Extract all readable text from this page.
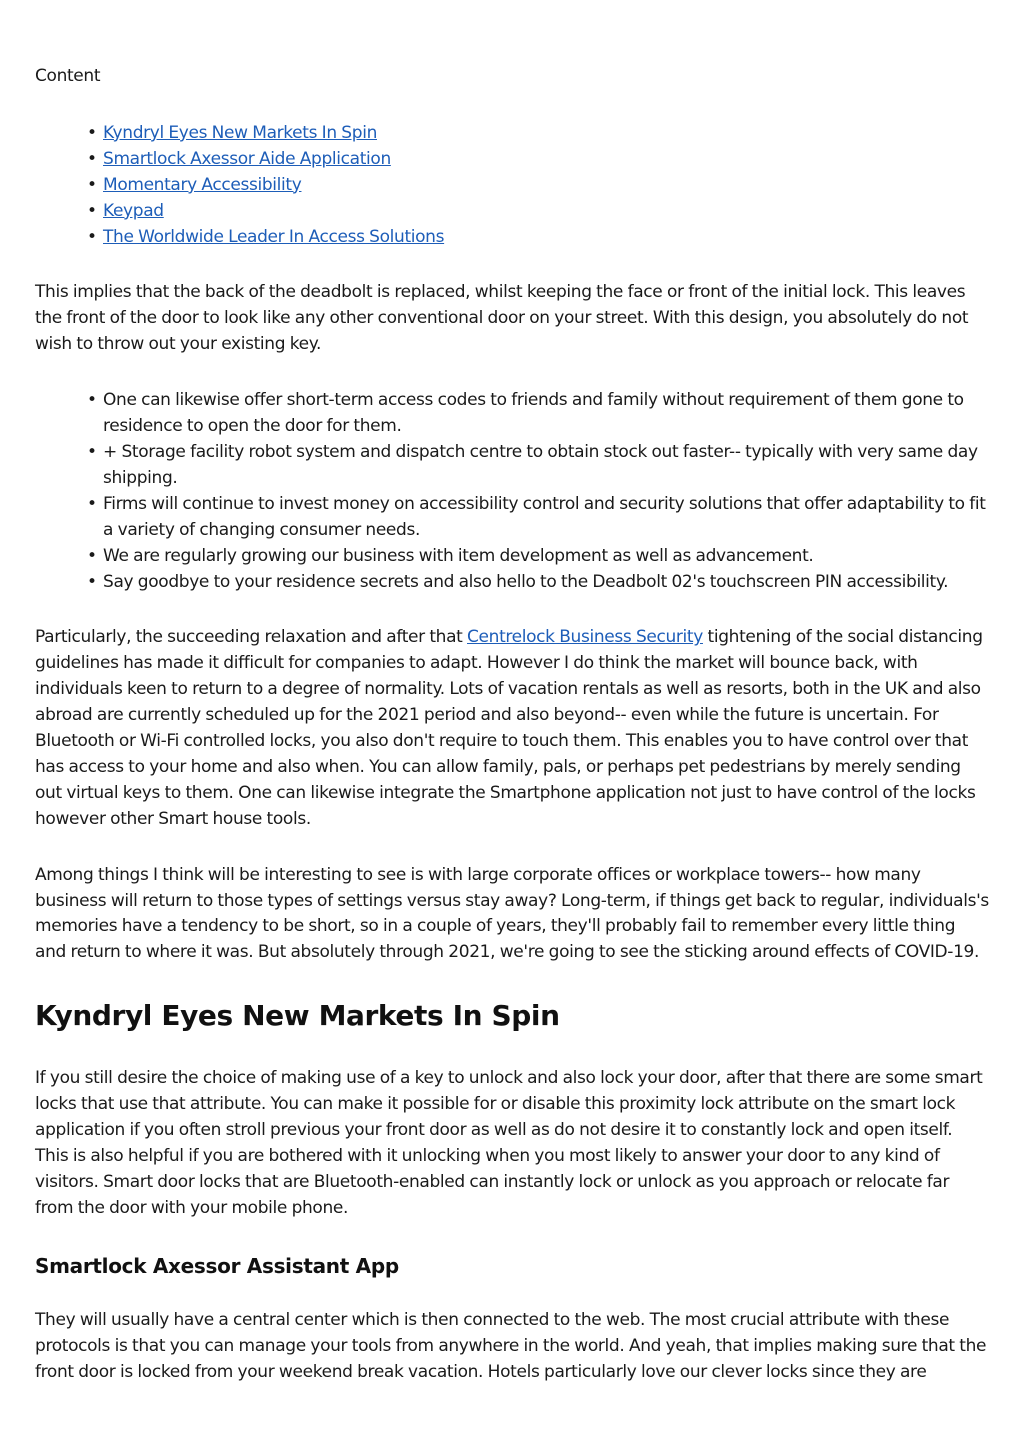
Content

• Kyndryl Eyes New Markets In Spin
• Smartlock Axessor Aide Application
• Momentary Accessibility
• Keypad
• The Worldwide Leader In Access Solutions

This implies that the back of the deadbolt is replaced, whilst keeping the face or front of the initial lock. This leaves the front of the door to look like any other conventional door on your street. With this design, you absolutely do not wish to throw out your existing key.

• One can likewise offer short-term access codes to friends and family without requirement of them gone to residence to open the door for them.
• + Storage facility robot system and dispatch centre to obtain stock out faster-- typically with very same day shipping.
• Firms will continue to invest money on accessibility control and security solutions that offer adaptability to fit a variety of changing consumer needs.
• We are regularly growing our business with item development as well as advancement.
• Say goodbye to your residence secrets and also hello to the Deadbolt 02's touchscreen PIN accessibility.

Particularly, the succeeding relaxation and after that Centrelock Business Security tightening of the social distancing guidelines has made it difficult for companies to adapt. However I do think the market will bounce back, with individuals keen to return to a degree of normality. Lots of vacation rentals as well as resorts, both in the UK and also abroad are currently scheduled up for the 2021 period and also beyond-- even while the future is uncertain. For Bluetooth or Wi-Fi controlled locks, you also don't require to touch them. This enables you to have control over that has access to your home and also when. You can allow family, pals, or perhaps pet pedestrians by merely sending out virtual keys to them. One can likewise integrate the Smartphone application not just to have control of the locks however other Smart house tools.

Among things I think will be interesting to see is with large corporate offices or workplace towers-- how many business will return to those types of settings versus stay away? Long-term, if things get back to regular, individuals's memories have a tendency to be short, so in a couple of years, they'll probably fail to remember every little thing and return to where it was. But absolutely through 2021, we're going to see the sticking around effects of COVID-19.

Kyndryl Eyes New Markets In Spin

If you still desire the choice of making use of a key to unlock and also lock your door, after that there are some smart locks that use that attribute. You can make it possible for or disable this proximity lock attribute on the smart lock application if you often stroll previous your front door as well as do not desire it to constantly lock and open itself. This is also helpful if you are bothered with it unlocking when you most likely to answer your door to any kind of visitors. Smart door locks that are Bluetooth-enabled can instantly lock or unlock as you approach or relocate far from the door with your mobile phone.

Smartlock Axessor Assistant App

They will usually have a central center which is then connected to the web. The most crucial attribute with these protocols is that you can manage your tools from anywhere in the world. And yeah, that implies making sure that the front door is locked from your weekend break vacation. Hotels particularly love our clever locks since they are
